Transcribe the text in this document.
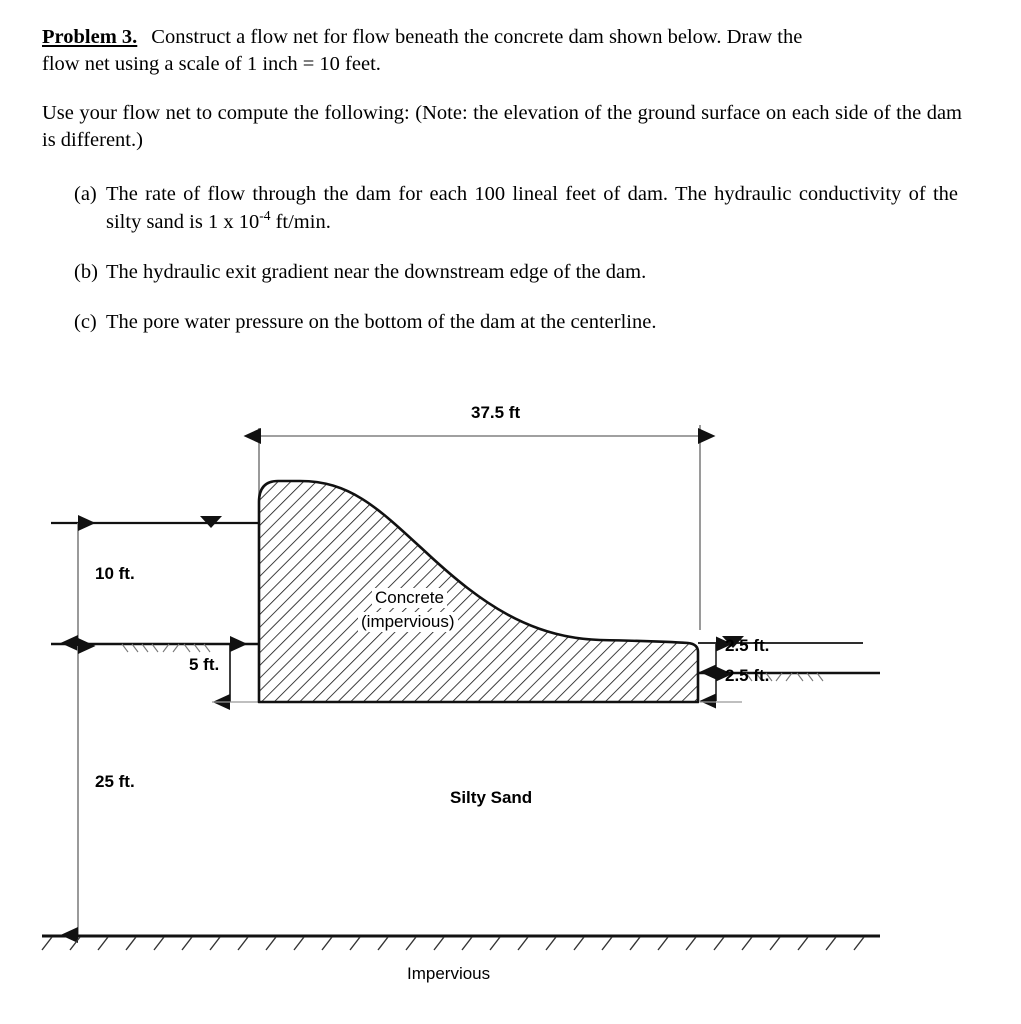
Problem 3. Construct a flow net for flow beneath the concrete dam shown below. Draw the
flow net using a scale of 1 inch = 10 feet.

Use your flow net to compute the following: (Note: the elevation of the ground surface on each side of the dam is different.)

(a) The rate of flow through the dam for each 100 lineal feet of dam. The hydraulic conductivity of the silty sand is 1 x $10^{-4}$ ft/min.
(b) The hydraulic exit gradient near the downstream edge of the dam.
(c) The pore water pressure on the bottom of the dam at the centerline.
37.5 ft
10 ft.
5 ft.
2.5 ft.
2.5 ft.
25 ft.
Concrete
(impervious)
Silty Sand
Impervious
